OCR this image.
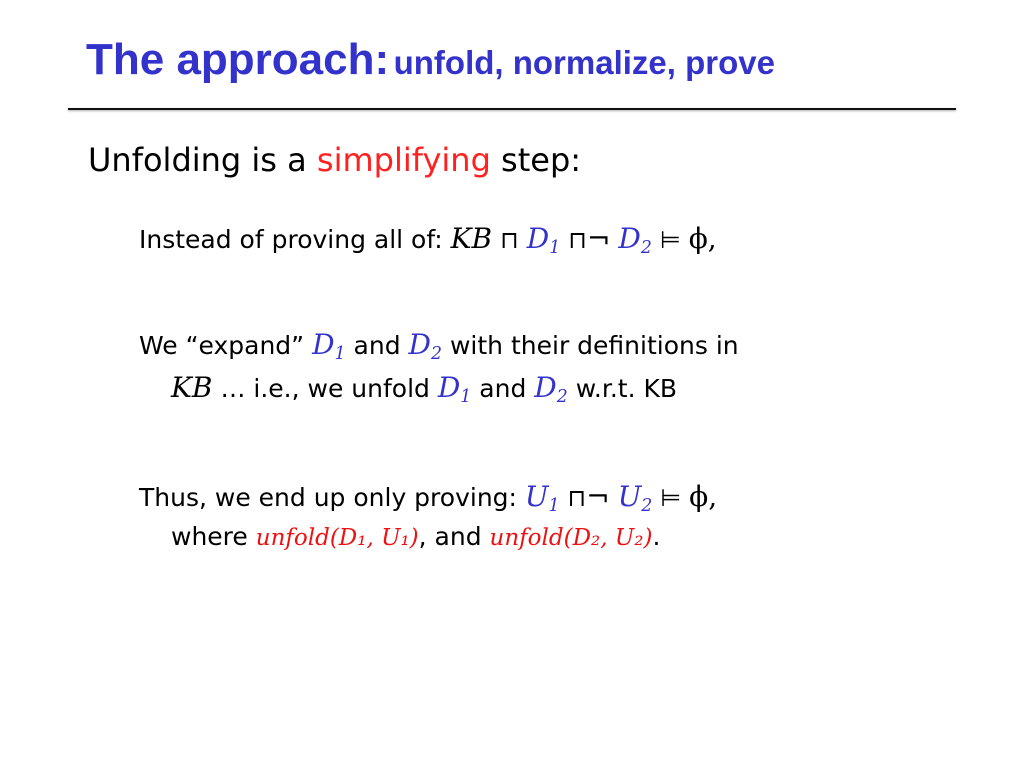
The approach: unfold, normalize, prove
Unfolding is a simplifying step:
Instead of proving all of: KB ⊓ $D_1$ ⊓¬ $D_2$ ⊨ ϕ,
We “expand” $D_1$ and $D_2$ with their definitions in
KB … i.e., we unfold $D_1$ and $D_2$ w.r.t. KB
Thus, we end up only proving: $U_1$ ⊓¬ $U_2$ ⊨ ϕ,
where unfold(D₁, U₁), and unfold(D₂, U₂).
